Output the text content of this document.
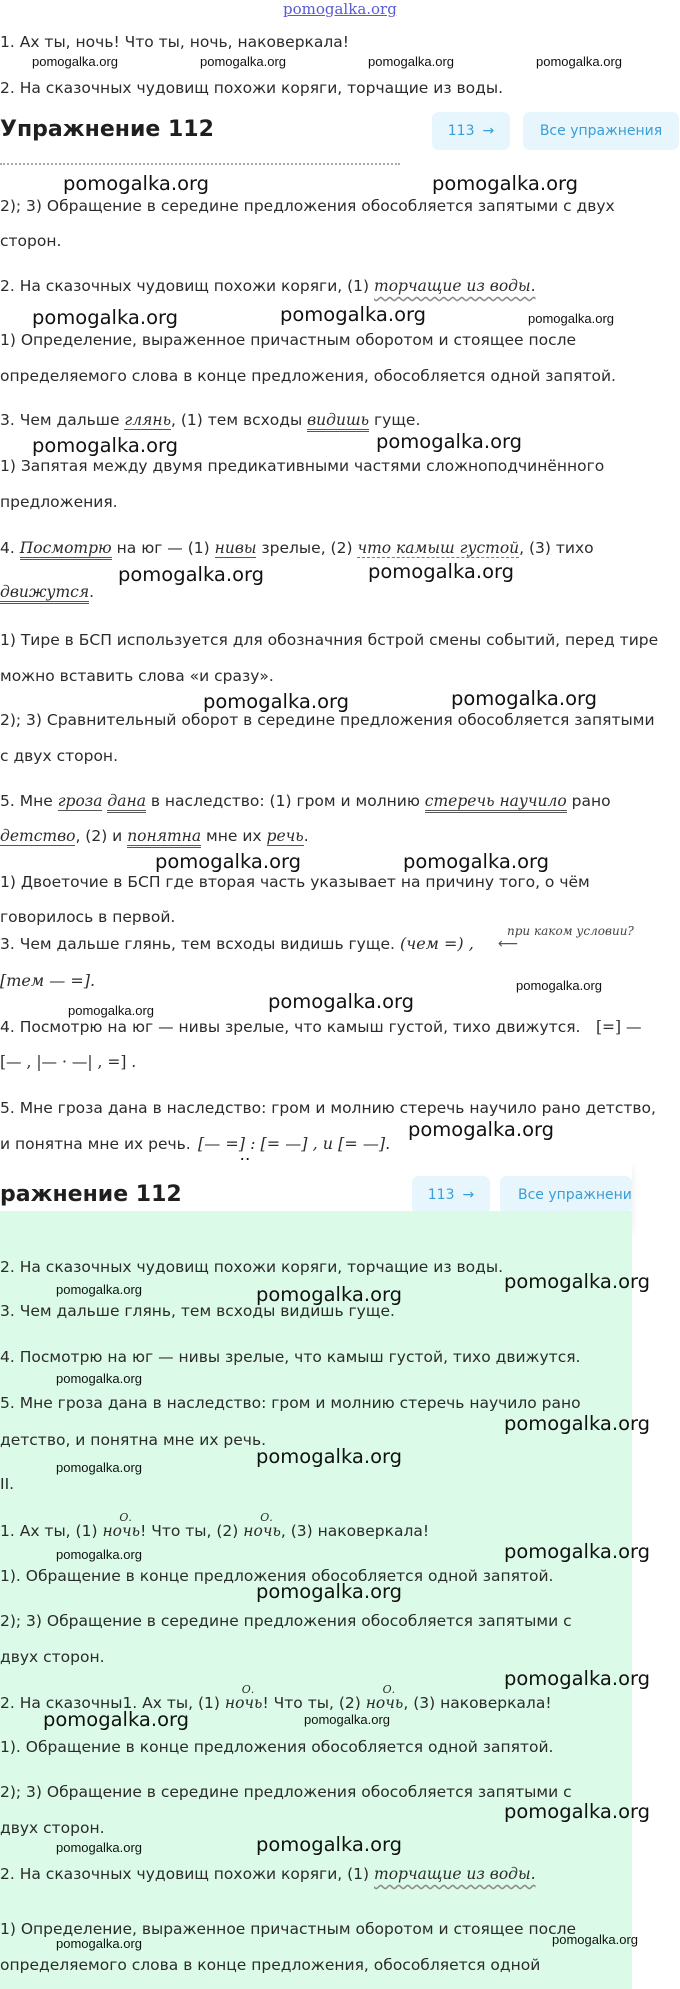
pomogalka.org
1. Ах ты, ночь! Что ты, ночь, наковеркала!
pomogalka.org	pomogalka.org	pomogalka.org	pomogalka.org
2. На сказочных чудовищ похожи коряги, торчащие из воды.
Упражнение 112	113 →	Все упражнения
pomogalka.org	pomogalka.org
2); 3) Обращение в середине предложения обособляется запятыми с двух
сторон.
2. На сказочных чудовищ похожи коряги, (1) торчащие из воды.
pomogalka.org	pomogalka.org	pomogalka.org
1) Определение, выраженное причастным оборотом и стоящее после
определяемого слова в конце предложения, обособляется одной запятой.
3. Чем дальше глянь, (1) тем всходы видишь гуще.
pomogalka.org	pomogalka.org
1) Запятая между двумя предикативными частями сложноподчинённого
предложения.
4. Посмотрю на юг — (1) нивы зрелые, (2) что камыш густой, (3) тихо
движутся.
pomogalka.org	pomogalka.org
1) Тире в БСП используется для обозначния бстрой смены событий, перед тире
можно вставить слова «и сразу».
pomogalka.org	pomogalka.org
2); 3) Сравнительный оборот в середине предложения обособляется запятыми
с двух сторон.
5. Мне гроза дана в наследство: (1) гром и молнию стеречь научило рано
детство, (2) и понятна мне их речь.
pomogalka.org	pomogalka.org
1) Двоеточие в БСП где вторая часть указывает на причину того, о чём
говорилось в первой.
3. Чем дальше глянь, тем всходы видишь гуще. (чем =) ,
при каком условии?
⟵
[тем — =].	pomogalka.org
pomogalka.org	pomogalka.org
4. Посмотрю на юг — нивы зрелые, что камыш густой, тихо движутся. [=] —
[— , |— · —| , =] .
5. Мне гроза дана в наследство: гром и молнию стеречь научило рано детство,
и понятна мне их речь. [— =] : [= —] , и [= —].
pomogalka.org
ражнение 112	113 →	Все упражнени
2. На сказочных чудовищ похожи коряги, торчащие из воды.
pomogalka.org	pomogalka.org
pomogalka.org
3. Чем дальше глянь, тем всходы видишь гуще.
4. Посмотрю на юг — нивы зрелые, что камыш густой, тихо движутся.
pomogalka.org
5. Мне гроза дана в наследство: гром и молнию стеречь научило рано
pomogalka.org
детство, и понятна мне их речь.
pomogalka.org
pomogalka.org
II.
1. Ах ты, (1)
О.
ночь! Что ты, (2)
О.
ночь, (3) наковеркала!
pomogalka.org	pomogalka.org
1). Обращение в конце предложения обособляется одной запятой.
pomogalka.org
2); 3) Обращение в середине предложения обособляется запятыми с
двух сторон.
pomogalka.org
2. На сказочны1. Ах ты, (1)
О.
ночь! Что ты, (2)
О.
ночь, (3) наковеркала!
pomogalka.org	pomogalka.org
1). Обращение в конце предложения обособляется одной запятой.
2); 3) Обращение в середине предложения обособляется запятыми с
pomogalka.org
двух сторон.
pomogalka.org	pomogalka.org
2. На сказочных чудовищ похожи коряги, (1) торчащие из воды.
1) Определение, выраженное причастным оборотом и стоящее после
pomogalka.org	pomogalka.org
определяемого слова в конце предложения, обособляется одной
